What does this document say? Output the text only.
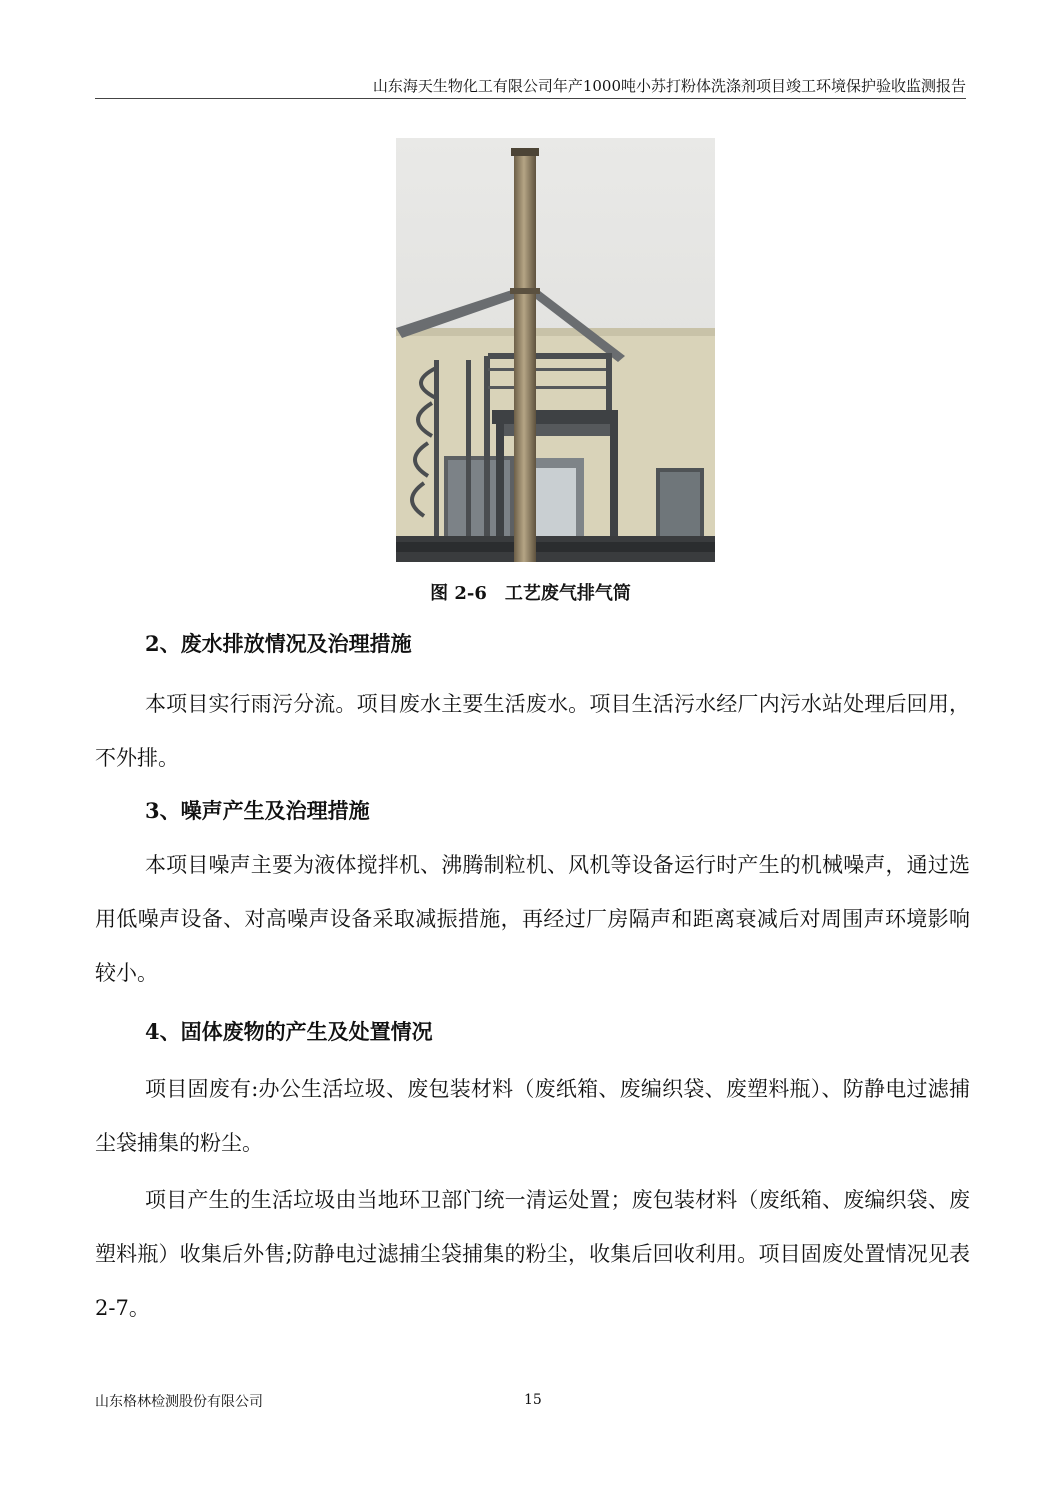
山东海天生物化工有限公司年产1000吨小苏打粉体洗涤剂项目竣工环境保护验收监测报告
图 2-6　工艺废气排气筒
2、废水排放情况及治理措施

本项目实行雨污分流。项目废水主要生活废水。项目生活污水经厂内污水站处理后回用，不外排。

3、噪声产生及治理措施

本项目噪声主要为液体搅拌机、沸腾制粒机、风机等设备运行时产生的机械噪声，通过选用低噪声设备、对高噪声设备采取减振措施，再经过厂房隔声和距离衰减后对周围声环境影响较小。

4、固体废物的产生及处置情况

项目固废有:办公生活垃圾、废包装材料（废纸箱、废编织袋、废塑料瓶）、防静电过滤捕尘袋捕集的粉尘。

项目产生的生活垃圾由当地环卫部门统一清运处置；废包装材料（废纸箱、废编织袋、废塑料瓶）收集后外售;防静电过滤捕尘袋捕集的粉尘，收集后回收利用。项目固废处置情况见表 2-7。

山东格林检测股份有限公司	15
